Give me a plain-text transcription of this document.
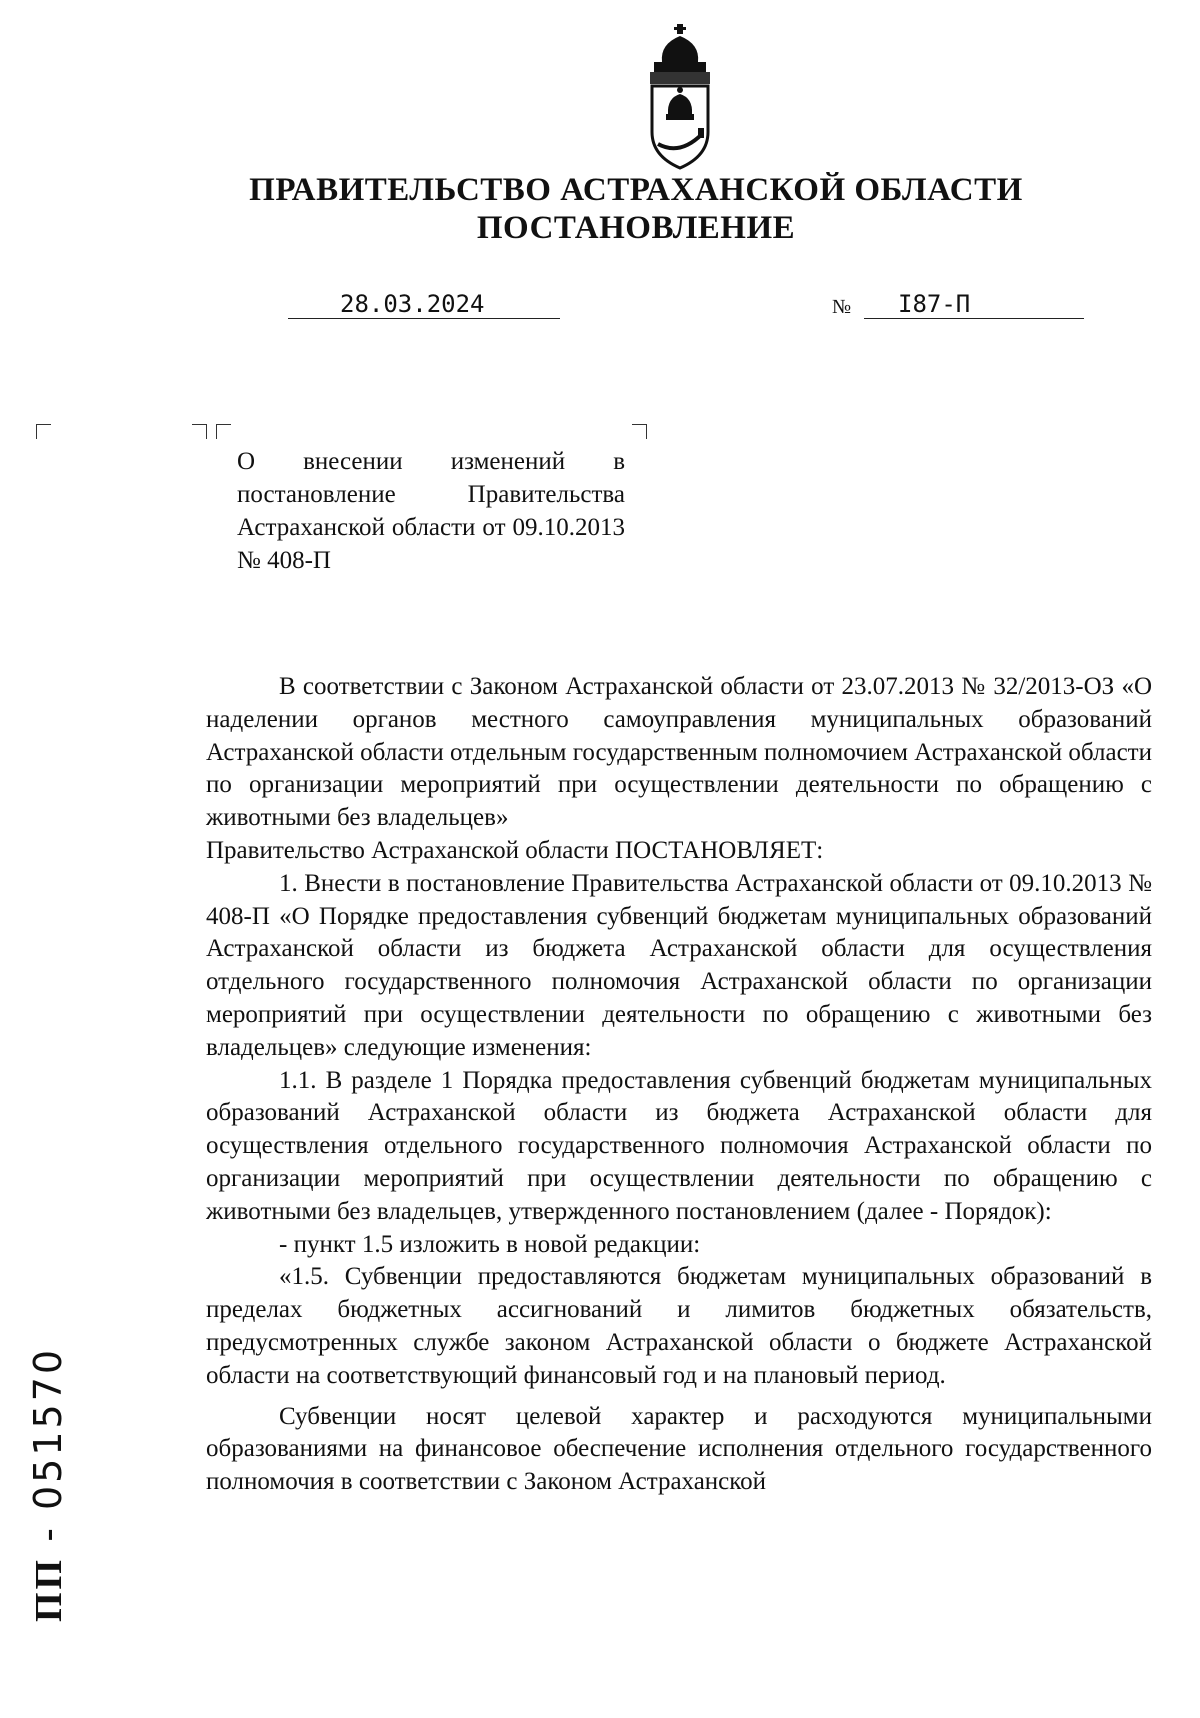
ПРАВИТЕЛЬСТВО АСТРАХАНСКОЙ ОБЛАСТИ
ПОСТАНОВЛЕНИЕ
28.03.2024	№ I87-П

О внесении изменений в постановление Правительства Астраханской области от 09.10.2013 № 408-П

В соответствии с Законом Астраханской области от 23.07.2013 № 32/2013-ОЗ «О наделении органов местного самоуправления муниципальных образований Астраханской области отдельным государственным полномочием Астраханской области по организации мероприятий при осуществлении деятельности по обращению с животными без владельцев»

Правительство Астраханской области ПОСТАНОВЛЯЕТ:

1. Внести в постановление Правительства Астраханской области от 09.10.2013 № 408-П «О Порядке предоставления субвенций бюджетам муниципальных образований Астраханской области из бюджета Астраханской области для осуществления отдельного государственного полномочия Астраханской области по организации мероприятий при осуществлении деятельности по обращению с животными без владельцев» следующие изменения:

1.1. В разделе 1 Порядка предоставления субвенций бюджетам муниципальных образований Астраханской области из бюджета Астраханской области для осуществления отдельного государственного полномочия Астраханской области по организации мероприятий при осуществлении деятельности по обращению с животными без владельцев, утвержденного постановлением (далее - Порядок):

- пункт 1.5 изложить в новой редакции:

«1.5. Субвенции предоставляются бюджетам муниципальных образований в пределах бюджетных ассигнований и лимитов бюджетных обязательств, предусмотренных службе законом Астраханской области о бюджете Астраханской области на соответствующий финансовый год и на плановый период.

Субвенции носят целевой характер и расходуются муниципальными образованиями на финансовое обеспечение исполнения отдельного государственного полномочия в соответствии с Законом Астраханской

ПП - 051570
